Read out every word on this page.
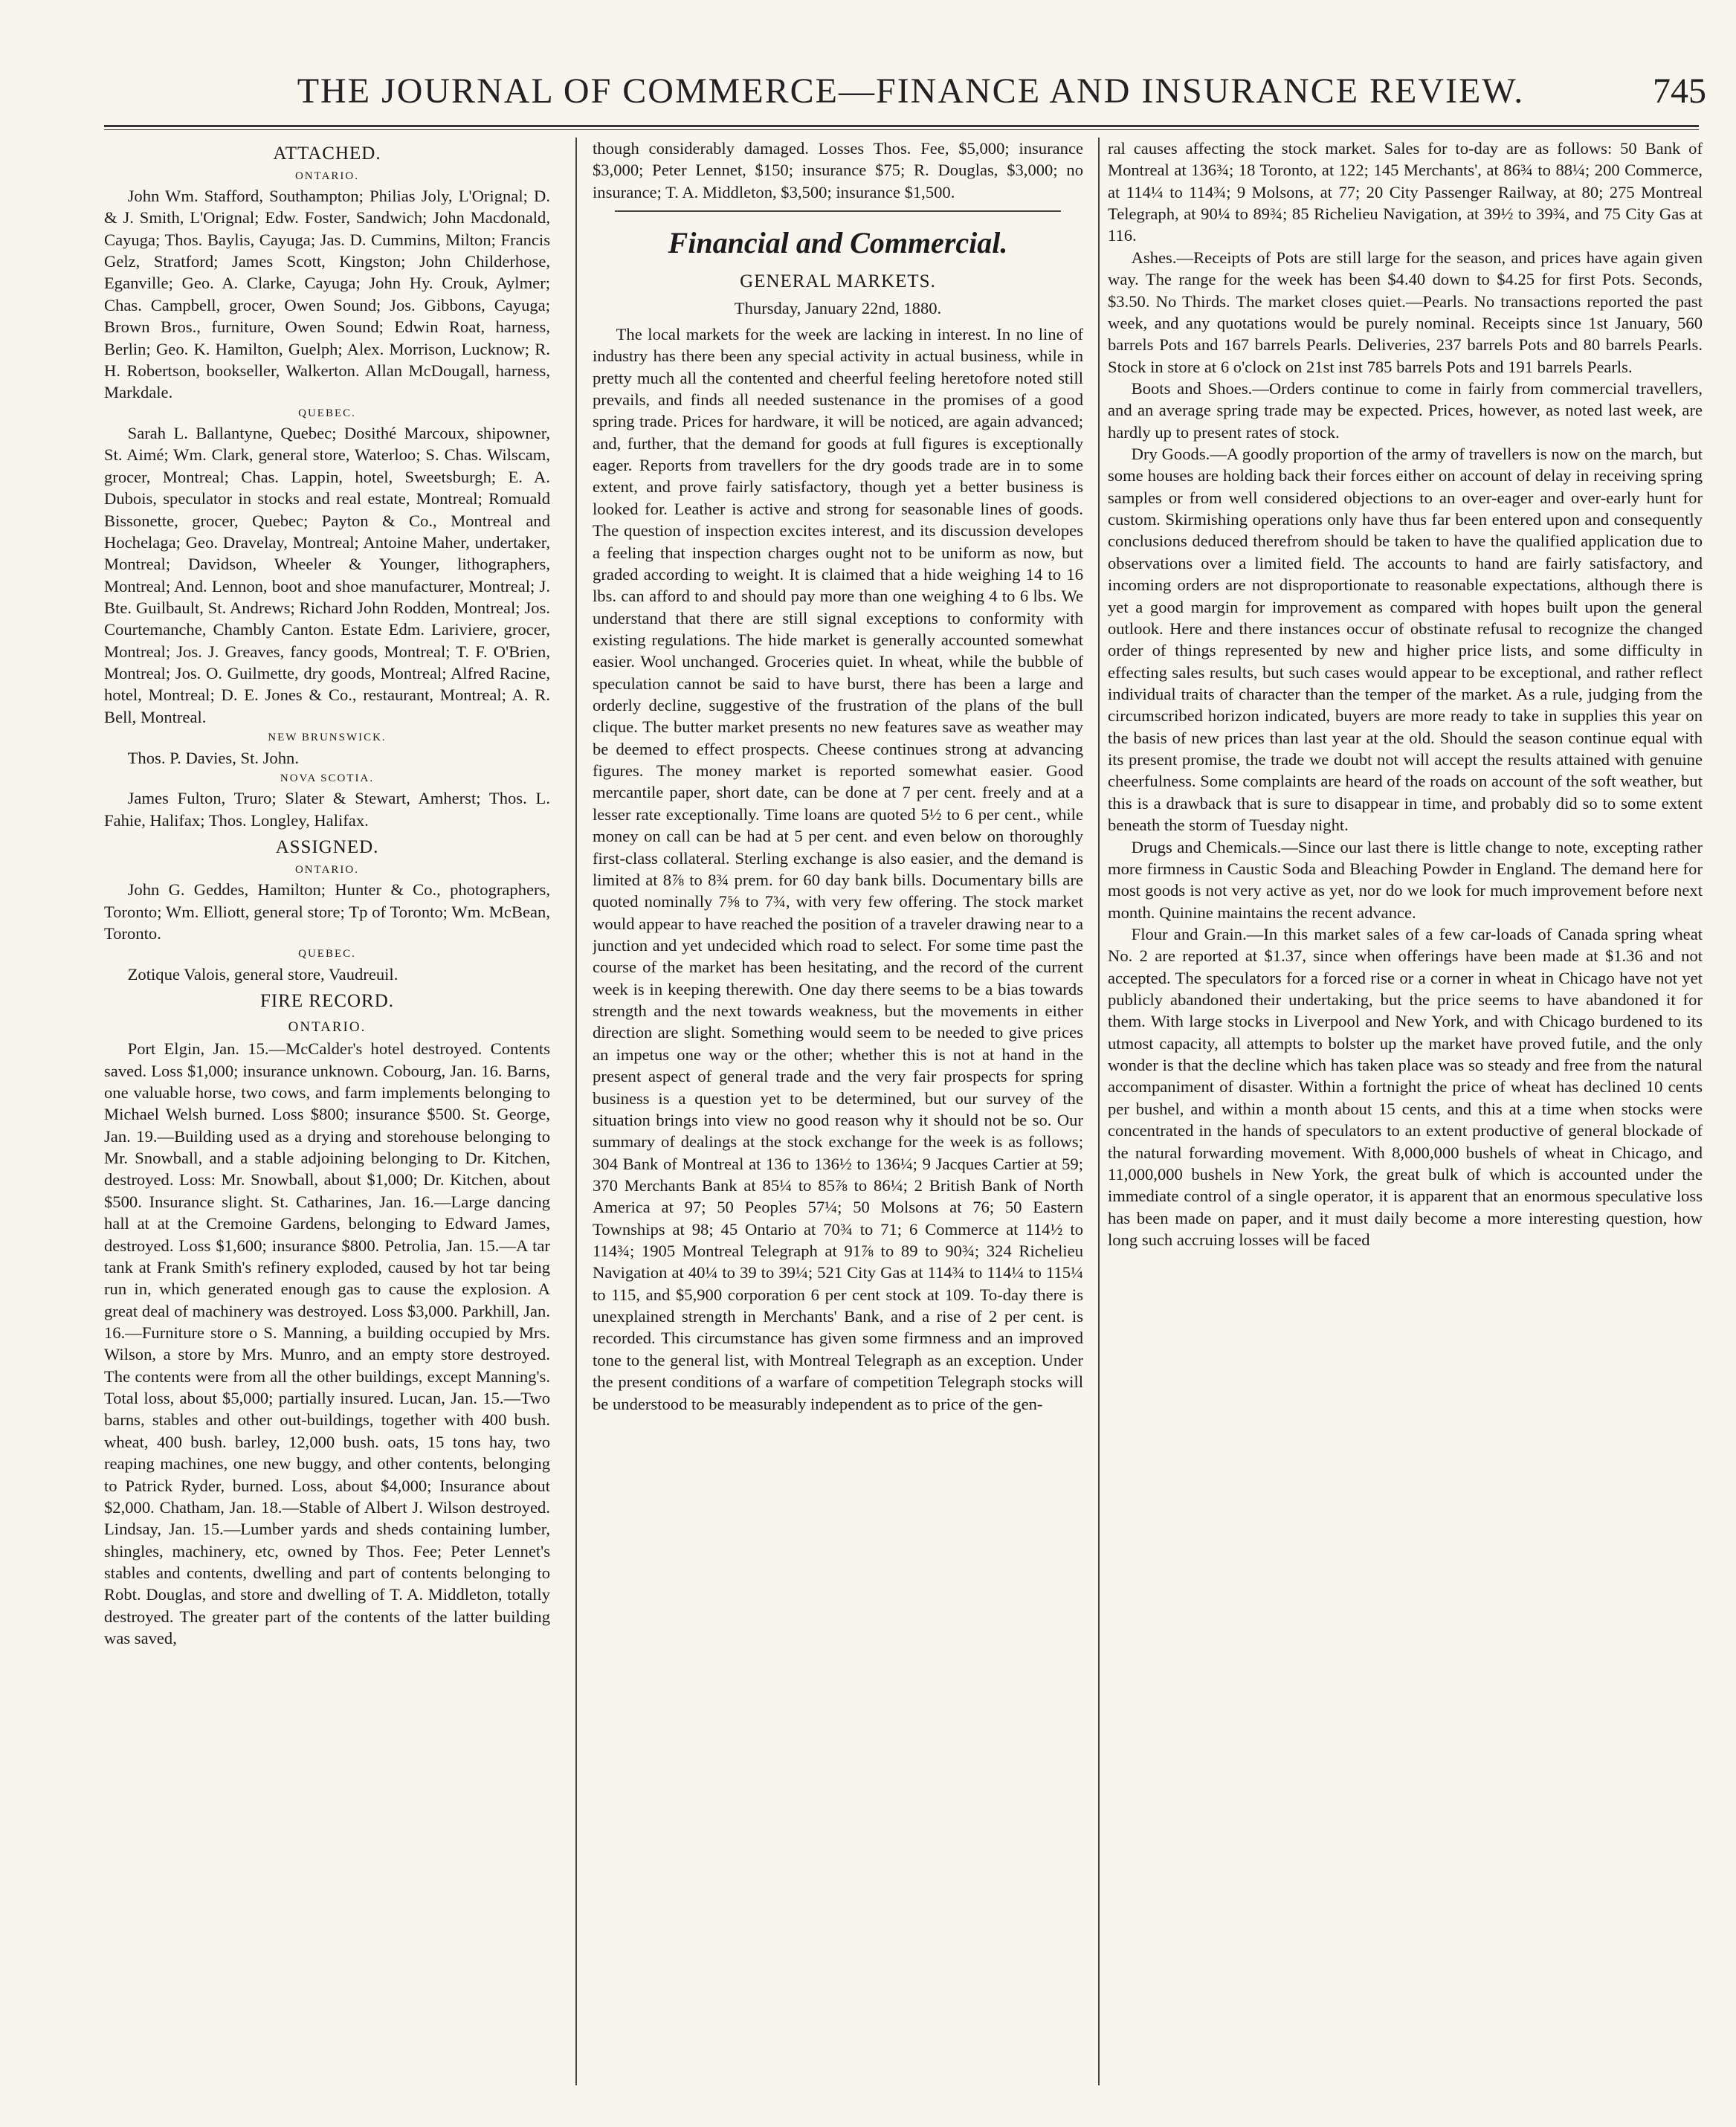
THE JOURNAL OF COMMERCE—FINANCE AND INSURANCE REVIEW.	745
ATTACHED.
ONTARIO.

John Wm. Stafford, Southampton; Philias Joly, L'Orignal; D. & J. Smith, L'Orignal; Edw. Foster, Sandwich; John Macdonald, Cayuga; Thos. Baylis, Cayuga; Jas. D. Cummins, Milton; Francis Gelz, Stratford; James Scott, Kingston; John Childerhose, Eganville; Geo. A. Clarke, Cayuga; John Hy. Crouk, Aylmer; Chas. Campbell, grocer, Owen Sound; Jos. Gibbons, Cayuga; Brown Bros., furniture, Owen Sound; Edwin Roat, harness, Berlin; Geo. K. Hamilton, Guelph; Alex. Morrison, Lucknow; R. H. Robertson, bookseller, Walkerton. Allan McDougall, harness, Markdale.

QUEBEC.

Sarah L. Ballantyne, Quebec; Dosithé Marcoux, shipowner, St. Aimé; Wm. Clark, general store, Waterloo; S. Chas. Wilscam, grocer, Montreal; Chas. Lappin, hotel, Sweetsburgh; E. A. Dubois, speculator in stocks and real estate, Montreal; Romuald Bissonette, grocer, Quebec; Payton & Co., Montreal and Hochelaga; Geo. Dravelay, Montreal; Antoine Maher, undertaker, Montreal; Davidson, Wheeler & Younger, lithographers, Montreal; And. Lennon, boot and shoe manufacturer, Montreal; J. Bte. Guilbault, St. Andrews; Richard John Rodden, Montreal; Jos. Courtemanche, Chambly Canton. Estate Edm. Lariviere, grocer, Montreal; Jos. J. Greaves, fancy goods, Montreal; T. F. O'Brien, Montreal; Jos. O. Guilmette, dry goods, Montreal; Alfred Racine, hotel, Montreal; D. E. Jones & Co., restaurant, Montreal; A. R. Bell, Montreal.

NEW BRUNSWICK.

Thos. P. Davies, St. John.

NOVA SCOTIA.

James Fulton, Truro; Slater & Stewart, Amherst; Thos. L. Fahie, Halifax; Thos. Longley, Halifax.

ASSIGNED.
ONTARIO.

John G. Geddes, Hamilton; Hunter & Co., photographers, Toronto; Wm. Elliott, general store; Tp of Toronto; Wm. McBean, Toronto.

QUEBEC.

Zotique Valois, general store, Vaudreuil.

FIRE RECORD.
ONTARIO.

Port Elgin, Jan. 15.—McCalder's hotel destroyed. Contents saved. Loss $1,000; insurance unknown. Cobourg, Jan. 16. Barns, one valuable horse, two cows, and farm implements belonging to Michael Welsh burned. Loss $800; insurance $500. St. George, Jan. 19.—Building used as a drying and storehouse belonging to Mr. Snowball, and a stable adjoining belonging to Dr. Kitchen, destroyed. Loss: Mr. Snowball, about $1,000; Dr. Kitchen, about $500. Insurance slight. St. Catharines, Jan. 16.—Large dancing hall at at the Cremoine Gardens, belonging to Edward James, destroyed. Loss $1,600; insurance $800. Petrolia, Jan. 15.—A tar tank at Frank Smith's refinery exploded, caused by hot tar being run in, which generated enough gas to cause the explosion. A great deal of machinery was destroyed. Loss $3,000. Parkhill, Jan. 16.—Furniture store o S. Manning, a building occupied by Mrs. Wilson, a store by Mrs. Munro, and an empty store destroyed. The contents were from all the other buildings, except Manning's. Total loss, about $5,000; partially insured. Lucan, Jan. 15.—Two barns, stables and other out-buildings, together with 400 bush. wheat, 400 bush. barley, 12,000 bush. oats, 15 tons hay, two reaping machines, one new buggy, and other contents, belonging to Patrick Ryder, burned. Loss, about $4,000; Insurance about $2,000. Chatham, Jan. 18.—Stable of Albert J. Wilson destroyed. Lindsay, Jan. 15.—Lumber yards and sheds containing lumber, shingles, machinery, etc, owned by Thos. Fee; Peter Lennet's stables and contents, dwelling and part of contents belonging to Robt. Douglas, and store and dwelling of T. A. Middleton, totally destroyed. The greater part of the contents of the latter building was saved,

though considerably damaged. Losses Thos. Fee, $5,000; insurance $3,000; Peter Lennet, $150; insurance $75; R. Douglas, $3,000; no insurance; T. A. Middleton, $3,500; insurance $1,500.

Financial and Commercial.
GENERAL MARKETS.
Thursday, January 22nd, 1880.

The local markets for the week are lacking in interest. In no line of industry has there been any special activity in actual business, while in pretty much all the contented and cheerful feeling heretofore noted still prevails, and finds all needed sustenance in the promises of a good spring trade. Prices for hardware, it will be noticed, are again advanced; and, further, that the demand for goods at full figures is exceptionally eager. Reports from travellers for the dry goods trade are in to some extent, and prove fairly satisfactory, though yet a better business is looked for. Leather is active and strong for seasonable lines of goods. The question of inspection excites interest, and its discussion developes a feeling that inspection charges ought not to be uniform as now, but graded according to weight. It is claimed that a hide weighing 14 to 16 lbs. can afford to and should pay more than one weighing 4 to 6 lbs. We understand that there are still signal exceptions to conformity with existing regulations. The hide market is generally accounted somewhat easier. Wool unchanged. Groceries quiet. In wheat, while the bubble of speculation cannot be said to have burst, there has been a large and orderly decline, suggestive of the frustration of the plans of the bull clique. The butter market presents no new features save as weather may be deemed to effect prospects. Cheese continues strong at advancing figures. The money market is reported somewhat easier. Good mercantile paper, short date, can be done at 7 per cent. freely and at a lesser rate exceptionally. Time loans are quoted 5½ to 6 per cent., while money on call can be had at 5 per cent. and even below on thoroughly first-class collateral. Sterling exchange is also easier, and the demand is limited at 8⅞ to 8¾ prem. for 60 day bank bills. Documentary bills are quoted nominally 7⅝ to 7¾, with very few offering. The stock market would appear to have reached the position of a traveler drawing near to a junction and yet undecided which road to select. For some time past the course of the market has been hesitating, and the record of the current week is in keeping therewith. One day there seems to be a bias towards strength and the next towards weakness, but the movements in either direction are slight. Something would seem to be needed to give prices an impetus one way or the other; whether this is not at hand in the present aspect of general trade and the very fair prospects for spring business is a question yet to be determined, but our survey of the situation brings into view no good reason why it should not be so. Our summary of dealings at the stock exchange for the week is as follows; 304 Bank of Montreal at 136 to 136½ to 136¼; 9 Jacques Cartier at 59; 370 Merchants Bank at 85¼ to 85⅞ to 86¼; 2 British Bank of North America at 97; 50 Peoples 57¼; 50 Molsons at 76; 50 Eastern Townships at 98; 45 Ontario at 70¾ to 71; 6 Commerce at 114½ to 114¾; 1905 Montreal Telegraph at 91⅞ to 89 to 90¾; 324 Richelieu Navigation at 40¼ to 39 to 39¼; 521 City Gas at 114¾ to 114¼ to 115¼ to 115, and $5,900 corporation 6 per cent stock at 109. To-day there is unexplained strength in Merchants' Bank, and a rise of 2 per cent. is recorded. This circumstance has given some firmness and an improved tone to the general list, with Montreal Telegraph as an exception. Under the present conditions of a warfare of competition Telegraph stocks will be understood to be measurably independent as to price of the gen-

ral causes affecting the stock market. Sales for to-day are as follows: 50 Bank of Montreal at 136¾; 18 Toronto, at 122; 145 Merchants', at 86¾ to 88¼; 200 Commerce, at 114¼ to 114¾; 9 Molsons, at 77; 20 City Passenger Railway, at 80; 275 Montreal Telegraph, at 90¼ to 89¾; 85 Richelieu Navigation, at 39½ to 39¾, and 75 City Gas at 116.

Ashes.—Receipts of Pots are still large for the season, and prices have again given way. The range for the week has been $4.40 down to $4.25 for first Pots. Seconds, $3.50. No Thirds. The market closes quiet.—Pearls. No transactions reported the past week, and any quotations would be purely nominal. Receipts since 1st January, 560 barrels Pots and 167 barrels Pearls. Deliveries, 237 barrels Pots and 80 barrels Pearls. Stock in store at 6 o'clock on 21st inst 785 barrels Pots and 191 barrels Pearls.

Boots and Shoes.—Orders continue to come in fairly from commercial travellers, and an average spring trade may be expected. Prices, however, as noted last week, are hardly up to present rates of stock.

Dry Goods.—A goodly proportion of the army of travellers is now on the march, but some houses are holding back their forces either on account of delay in receiving spring samples or from well considered objections to an over-eager and over-early hunt for custom. Skirmishing operations only have thus far been entered upon and consequently conclusions deduced therefrom should be taken to have the qualified application due to observations over a limited field. The accounts to hand are fairly satisfactory, and incoming orders are not disproportionate to reasonable expectations, although there is yet a good margin for improvement as compared with hopes built upon the general outlook. Here and there instances occur of obstinate refusal to recognize the changed order of things represented by new and higher price lists, and some difficulty in effecting sales results, but such cases would appear to be exceptional, and rather reflect individual traits of character than the temper of the market. As a rule, judging from the circumscribed horizon indicated, buyers are more ready to take in supplies this year on the basis of new prices than last year at the old. Should the season continue equal with its present promise, the trade we doubt not will accept the results attained with genuine cheerfulness. Some complaints are heard of the roads on account of the soft weather, but this is a drawback that is sure to disappear in time, and probably did so to some extent beneath the storm of Tuesday night.

Drugs and Chemicals.—Since our last there is little change to note, excepting rather more firmness in Caustic Soda and Bleaching Powder in England. The demand here for most goods is not very active as yet, nor do we look for much improvement before next month. Quinine maintains the recent advance.

Flour and Grain.—In this market sales of a few car-loads of Canada spring wheat No. 2 are reported at $1.37, since when offerings have been made at $1.36 and not accepted. The speculators for a forced rise or a corner in wheat in Chicago have not yet publicly abandoned their undertaking, but the price seems to have abandoned it for them. With large stocks in Liverpool and New York, and with Chicago burdened to its utmost capacity, all attempts to bolster up the market have proved futile, and the only wonder is that the decline which has taken place was so steady and free from the natural accompaniment of disaster. Within a fortnight the price of wheat has declined 10 cents per bushel, and within a month about 15 cents, and this at a time when stocks were concentrated in the hands of speculators to an extent productive of general blockade of the natural forwarding movement. With 8,000,000 bushels of wheat in Chicago, and 11,000,000 bushels in New York, the great bulk of which is accounted under the immediate control of a single operator, it is apparent that an enormous speculative loss has been made on paper, and it must daily become a more interesting question, how long such accruing losses will be faced
